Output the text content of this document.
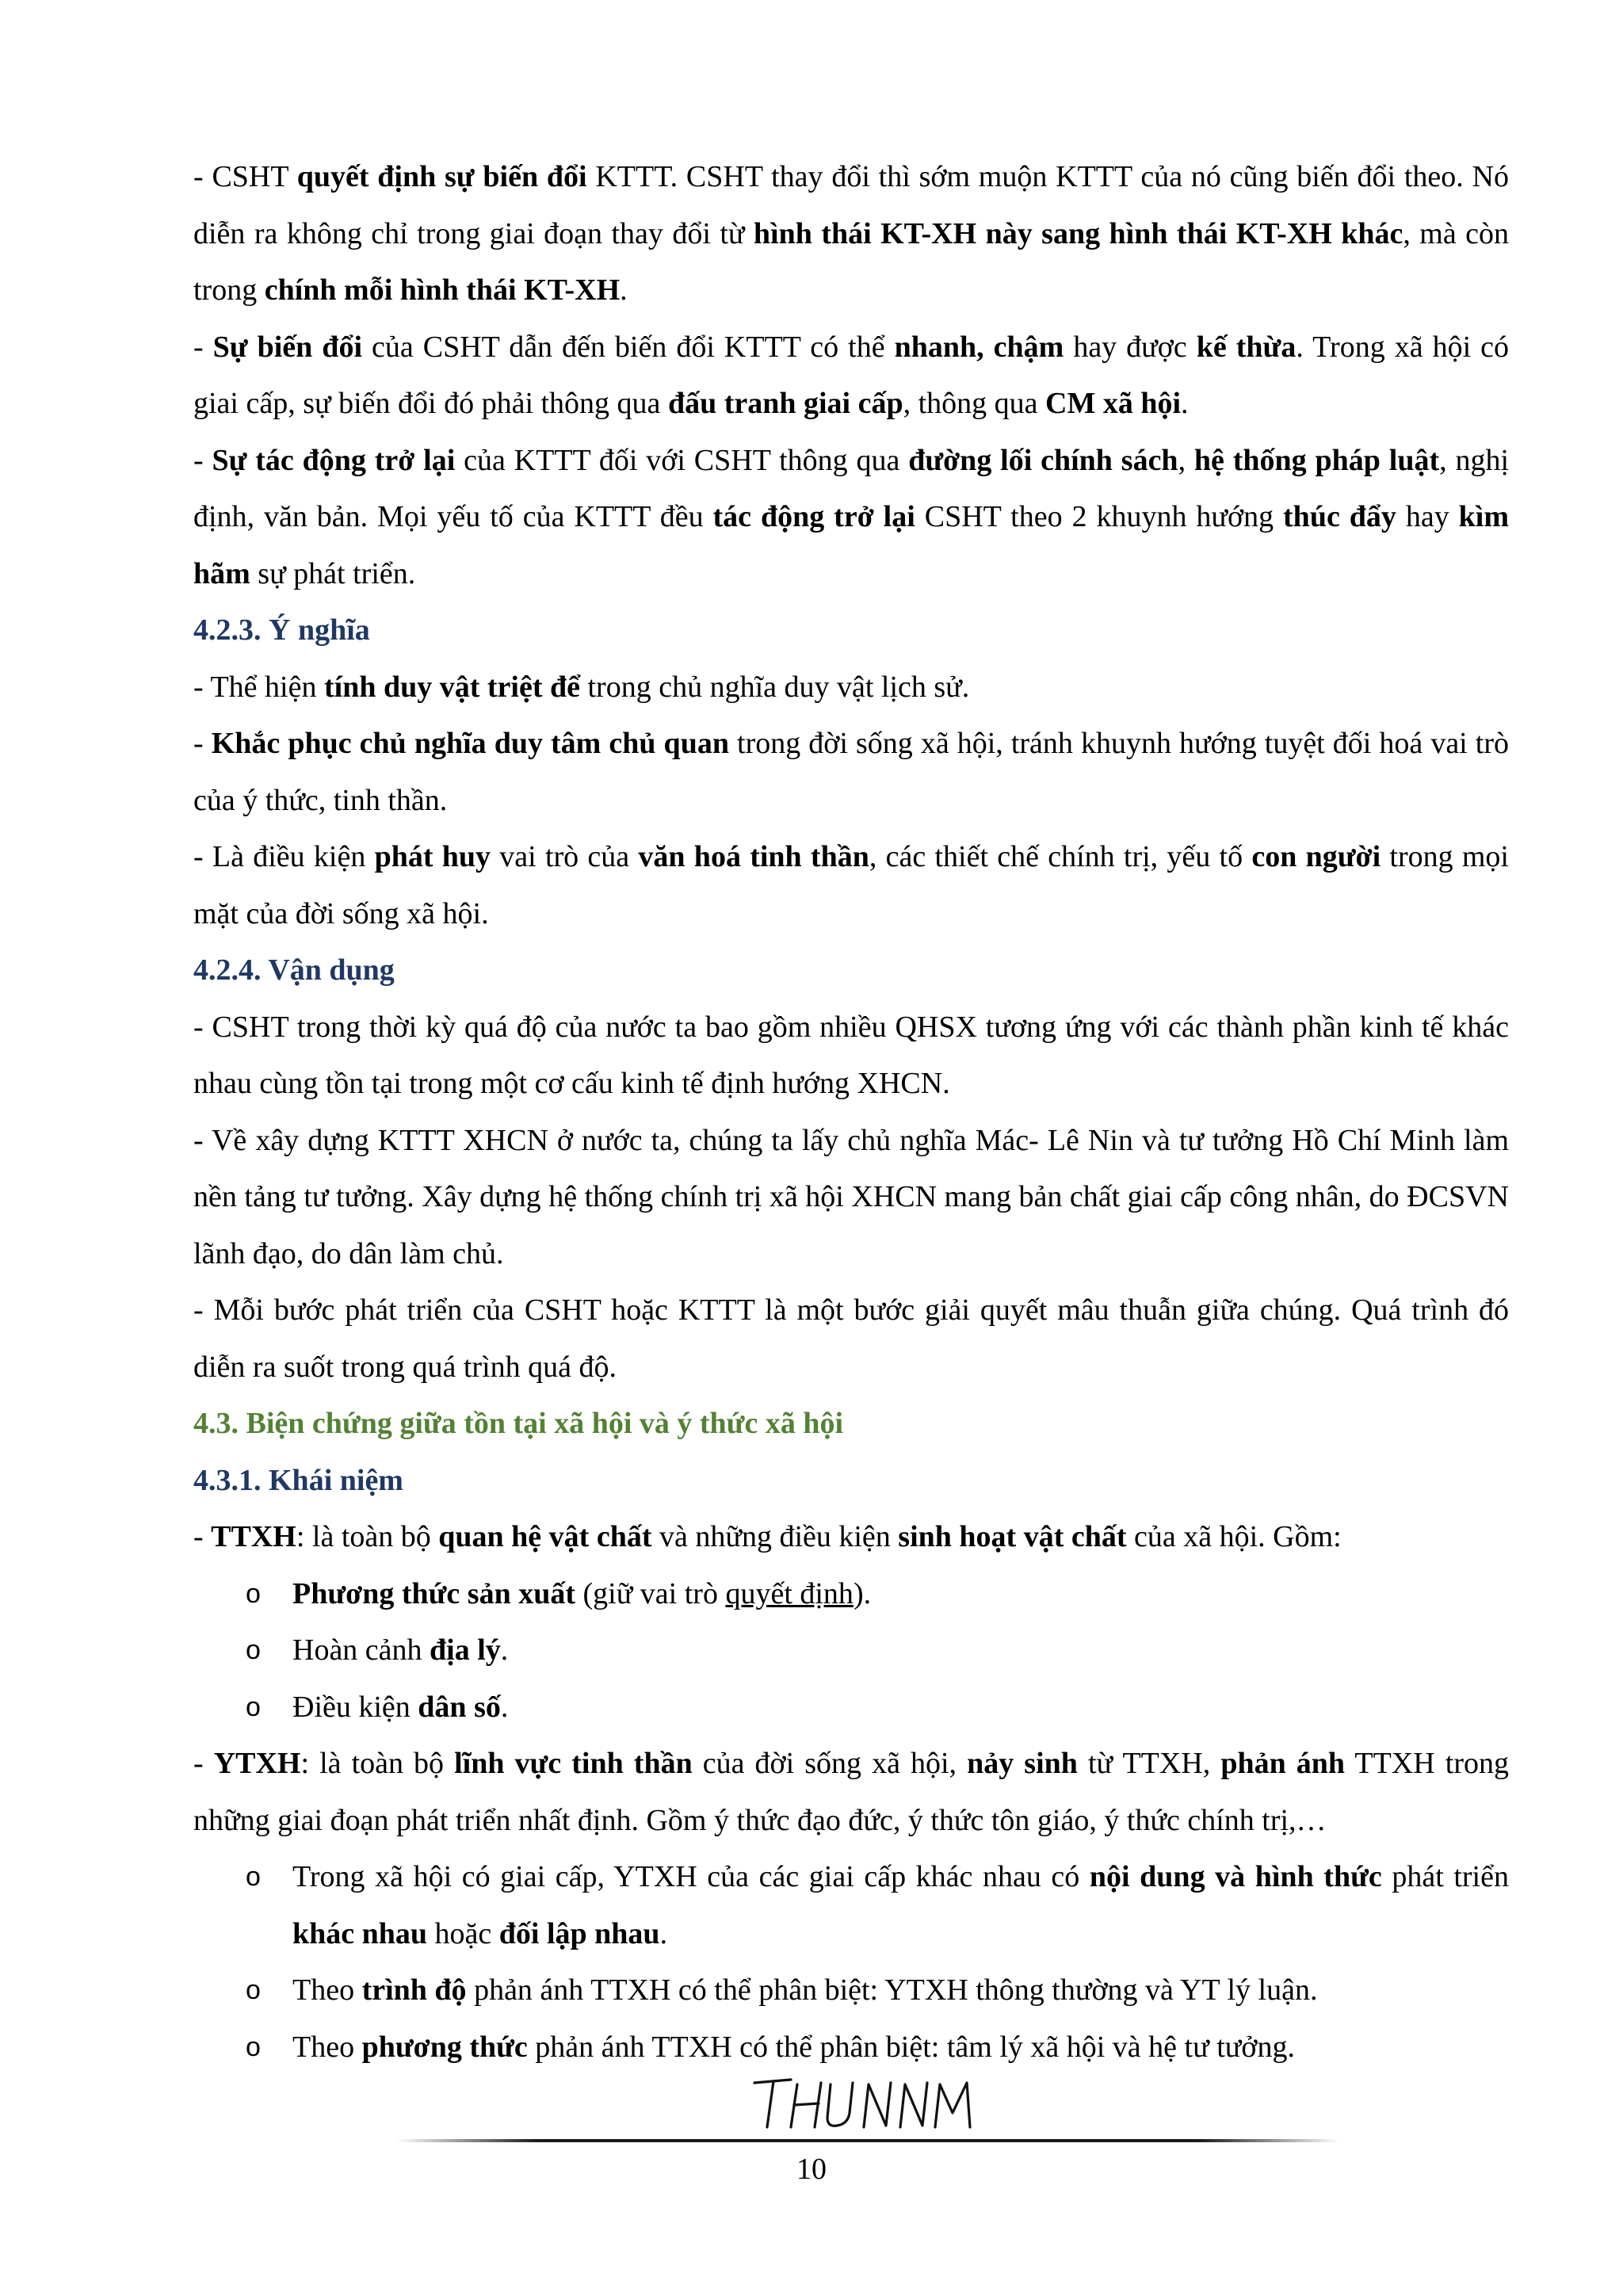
- CSHT quyết định sự biến đổi KTTT. CSHT thay đổi thì sớm muộn KTTT của nó cũng biến đổi theo. Nó diễn ra không chỉ trong giai đoạn thay đổi từ hình thái KT-XH này sang hình thái KT-XH khác, mà còn trong chính mỗi hình thái KT-XH.

- Sự biến đổi của CSHT dẫn đến biến đổi KTTT có thể nhanh, chậm hay được kế thừa. Trong xã hội có giai cấp, sự biến đổi đó phải thông qua đấu tranh giai cấp, thông qua CM xã hội.

- Sự tác động trở lại của KTTT đối với CSHT thông qua đường lối chính sách, hệ thống pháp luật, nghị định, văn bản. Mọi yếu tố của KTTT đều tác động trở lại CSHT theo 2 khuynh hướng thúc đẩy hay kìm hãm sự phát triển.

4.2.3. Ý nghĩa

- Thể hiện tính duy vật triệt để trong chủ nghĩa duy vật lịch sử.

- Khắc phục chủ nghĩa duy tâm chủ quan trong đời sống xã hội, tránh khuynh hướng tuyệt đối hoá vai trò của ý thức, tinh thần.

- Là điều kiện phát huy vai trò của văn hoá tinh thần, các thiết chế chính trị, yếu tố con người trong mọi mặt của đời sống xã hội.

4.2.4. Vận dụng

- CSHT trong thời kỳ quá độ của nước ta bao gồm nhiều QHSX tương ứng với các thành phần kinh tế khác nhau cùng tồn tại trong một cơ cấu kinh tế định hướng XHCN.

- Về xây dựng KTTT XHCN ở nước ta, chúng ta lấy chủ nghĩa Mác- Lê Nin và tư tưởng Hồ Chí Minh làm nền tảng tư tưởng. Xây dựng hệ thống chính trị xã hội XHCN mang bản chất giai cấp công nhân, do ĐCSVN lãnh đạo, do dân làm chủ.

- Mỗi bước phát triển của CSHT hoặc KTTT là một bước giải quyết mâu thuẫn giữa chúng. Quá trình đó diễn ra suốt trong quá trình quá độ.

4.3. Biện chứng giữa tồn tại xã hội và ý thức xã hội
4.3.1. Khái niệm

- TTXH: là toàn bộ quan hệ vật chất và những điều kiện sinh hoạt vật chất của xã hội. Gồm:

o Phương thức sản xuất (giữ vai trò quyết định).

o Hoàn cảnh địa lý.

o Điều kiện dân số.

- YTXH: là toàn bộ lĩnh vực tinh thần của đời sống xã hội, nảy sinh từ TTXH, phản ánh TTXH trong những giai đoạn phát triển nhất định. Gồm ý thức đạo đức, ý thức tôn giáo, ý thức chính trị,…

o Trong xã hội có giai cấp, YTXH của các giai cấp khác nhau có nội dung và hình thức phát triển khác nhau hoặc đối lập nhau.

o Theo trình độ phản ánh TTXH có thể phân biệt: YTXH thông thường và YT lý luận.

o Theo phương thức phản ánh TTXH có thể phân biệt: tâm lý xã hội và hệ tư tưởng.

10
